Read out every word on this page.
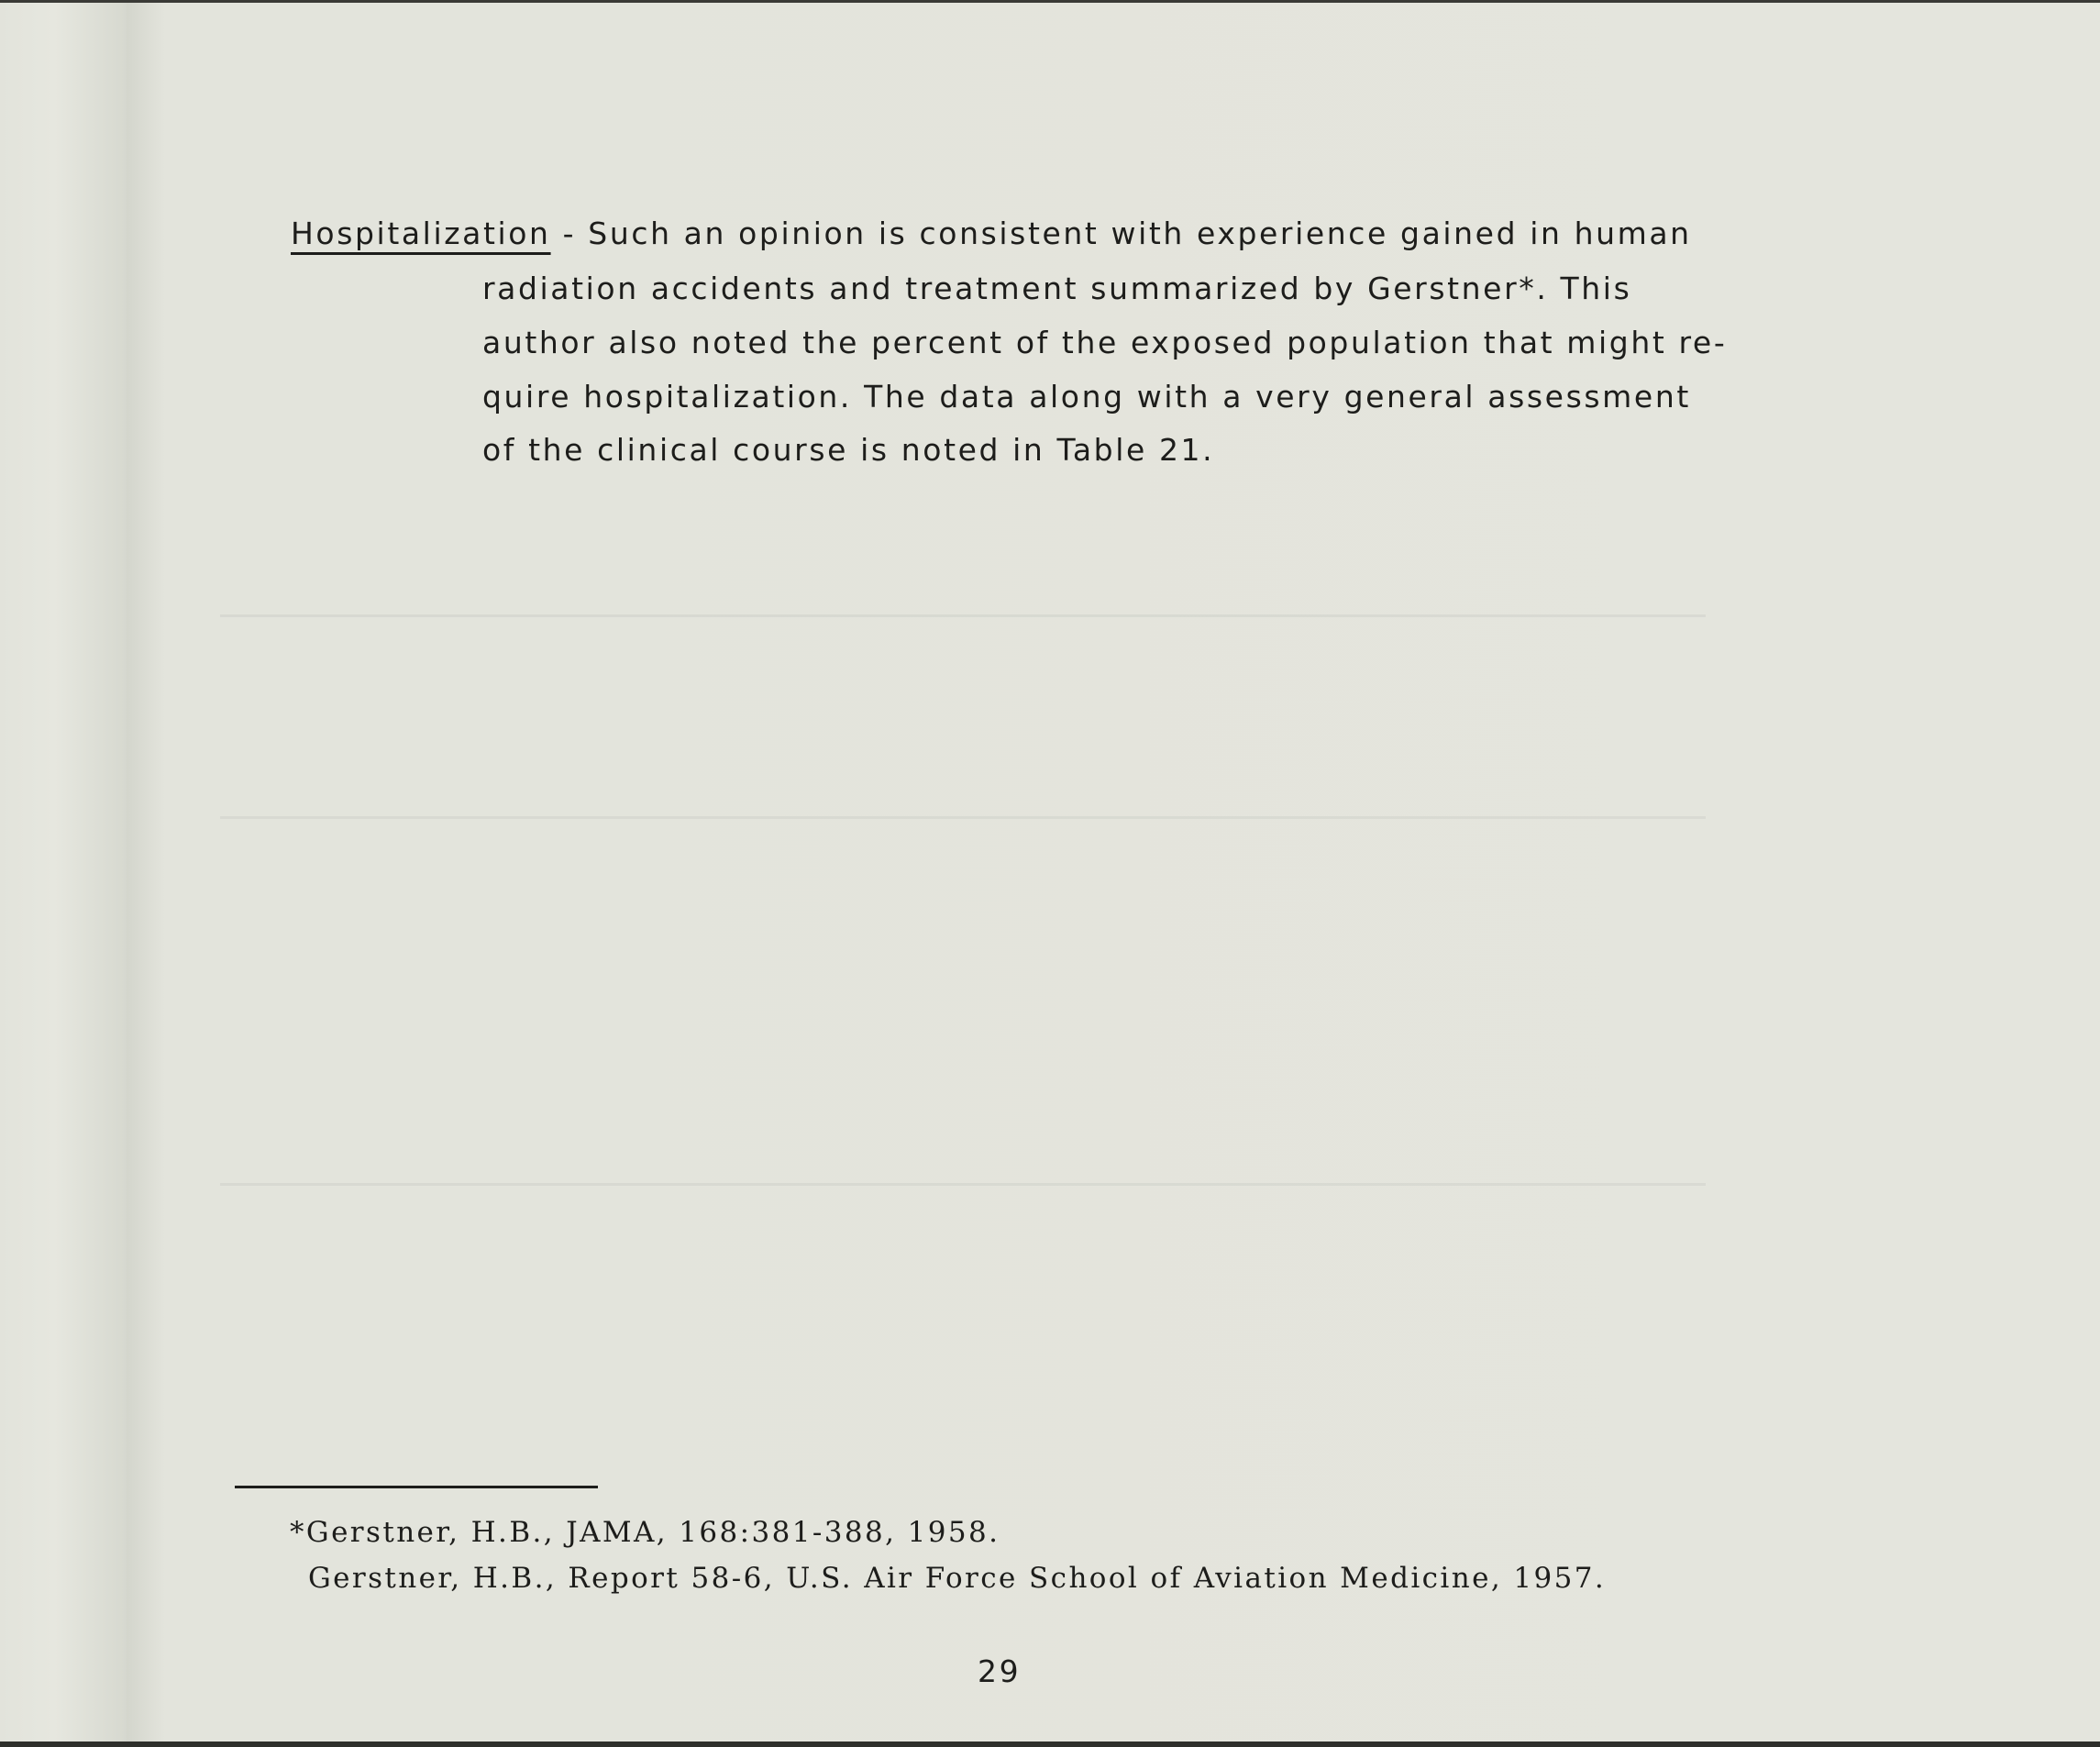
Hospitalization - Such an opinion is consistent with experience gained in human
radiation accidents and treatment summarized by Gerstner*. This
author also noted the percent of the exposed population that might re-
quire hospitalization. The data along with a very general assessment
of the clinical course is noted in Table 21.
*Gerstner, H.B., JAMA, 168:381-388, 1958.
Gerstner, H.B., Report 58-6, U.S. Air Force School of Aviation Medicine, 1957.
29
